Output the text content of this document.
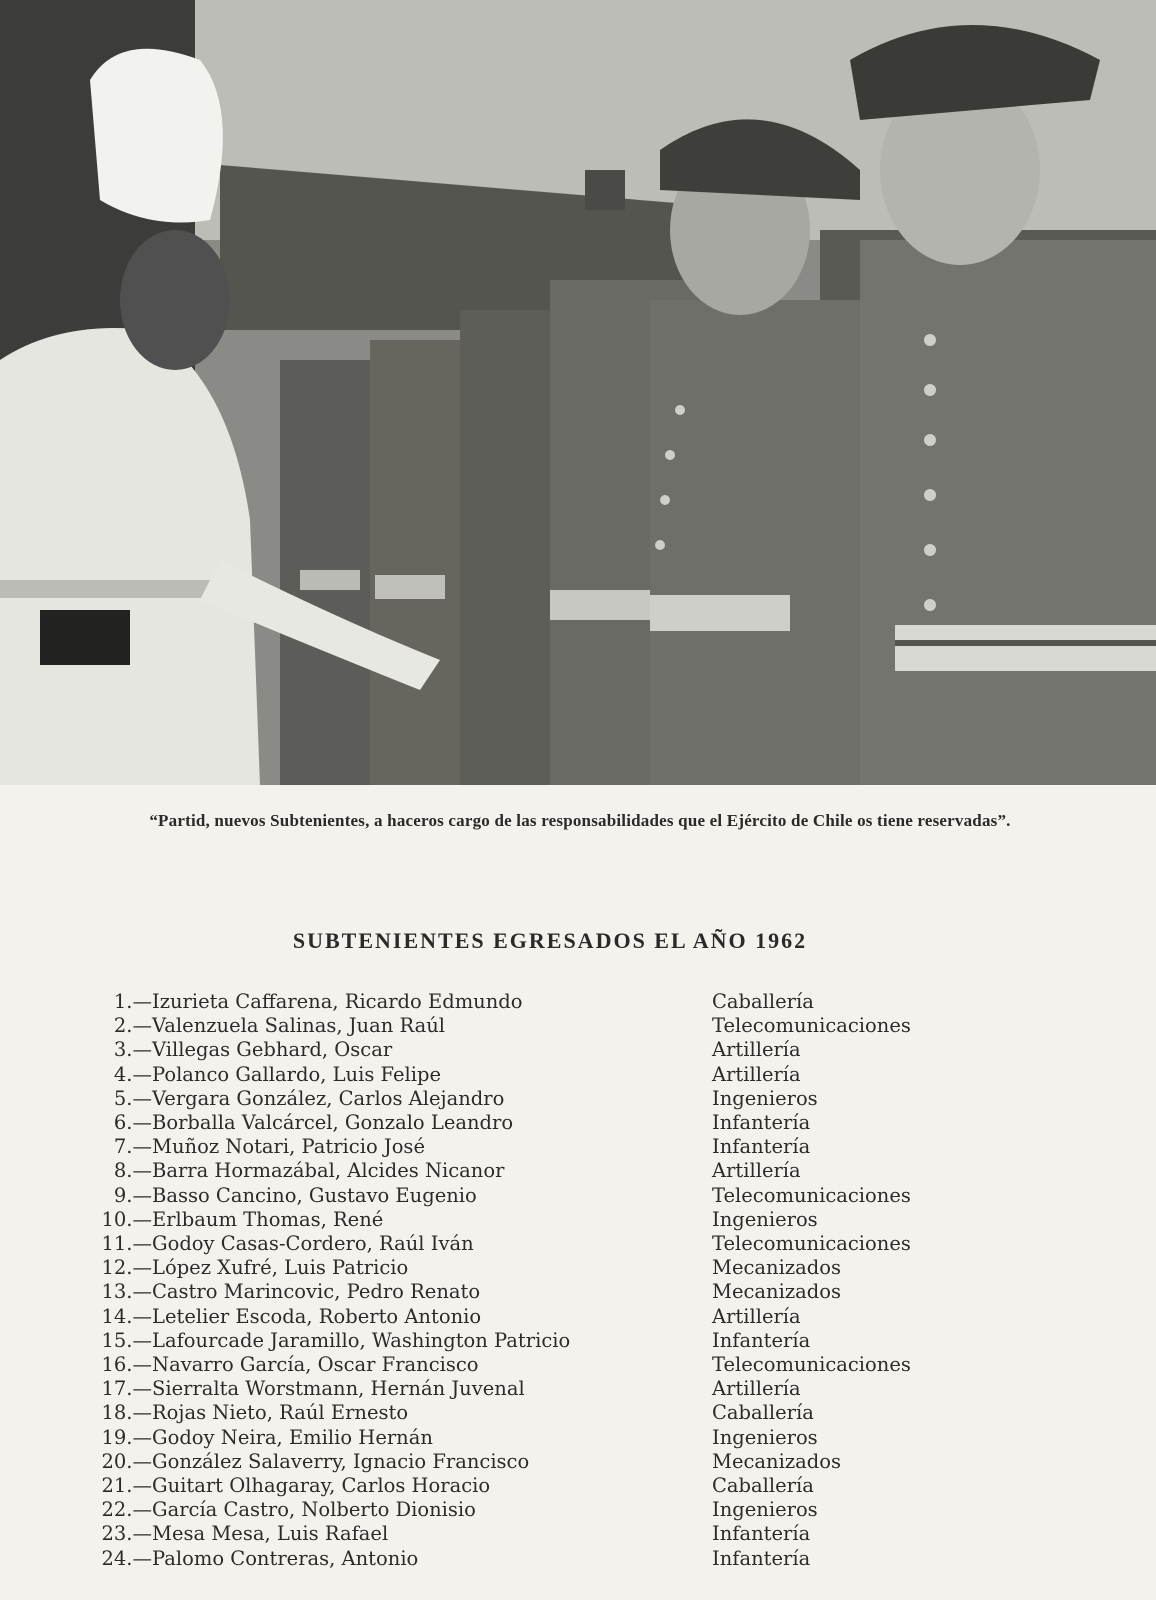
“Partid, nuevos Subtenientes, a haceros cargo de las responsabilidades que el Ejército de Chile os tiene reservadas”.
SUBTENIENTES EGRESADOS EL AÑO 1962
1.— Izurieta Caffarena, Ricardo Edmundo	Caballería
2.— Valenzuela Salinas, Juan Raúl	Telecomunicaciones
3.— Villegas Gebhard, Oscar	Artillería
4.— Polanco Gallardo, Luis Felipe	Artillería
5.— Vergara González, Carlos Alejandro	Ingenieros
6.— Borballa Valcárcel, Gonzalo Leandro	Infantería
7.— Muñoz Notari, Patricio José	Infantería
8.— Barra Hormazábal, Alcides Nicanor	Artillería
9.— Basso Cancino, Gustavo Eugenio	Telecomunicaciones
10.— Erlbaum Thomas, René	Ingenieros
11.— Godoy Casas-Cordero, Raúl Iván	Telecomunicaciones
12.— López Xufré, Luis Patricio	Mecanizados
13.— Castro Marincovic, Pedro Renato	Mecanizados
14.— Letelier Escoda, Roberto Antonio	Artillería
15.— Lafourcade Jaramillo, Washington Patricio	Infantería
16.— Navarro García, Oscar Francisco	Telecomunicaciones
17.— Sierralta Worstmann, Hernán Juvenal	Artillería
18.— Rojas Nieto, Raúl Ernesto	Caballería
19.— Godoy Neira, Emilio Hernán	Ingenieros
20.— González Salaverry, Ignacio Francisco	Mecanizados
21.— Guitart Olhagaray, Carlos Horacio	Caballería
22.— García Castro, Nolberto Dionisio	Ingenieros
23.— Mesa Mesa, Luis Rafael	Infantería
24.— Palomo Contreras, Antonio	Infantería
